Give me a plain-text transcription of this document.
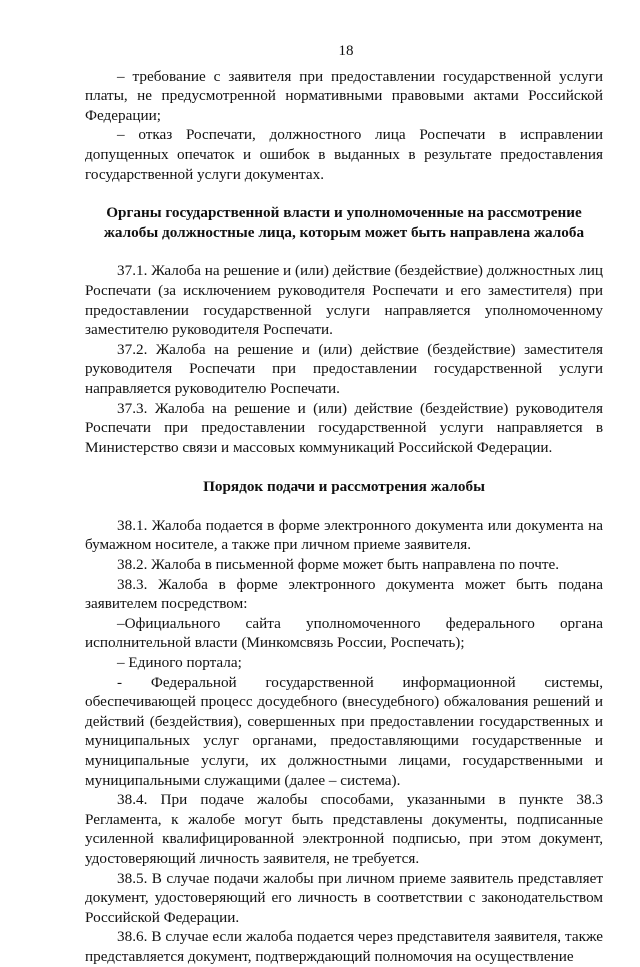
18

– требование с заявителя при предоставлении государственной услуги платы, не предусмотренной нормативными правовыми актами Российской Федерации;

– отказ Роспечати, должностного лица Роспечати в исправлении допущенных опечаток и ошибок в выданных в результате предоставления государственной услуги документах.

Органы государственной власти и уполномоченные на рассмотрение жалобы должностные лица, которым может быть направлена жалоба

37.1. Жалоба на решение и (или) действие (бездействие) должностных лиц Роспечати (за исключением руководителя Роспечати и его заместителя) при предоставлении государственной услуги направляется уполномоченному заместителю руководителя Роспечати.

37.2. Жалоба на решение и (или) действие (бездействие) заместителя руководителя Роспечати при предоставлении государственной услуги направляется руководителю Роспечати.

37.3. Жалоба на решение и (или) действие (бездействие) руководителя Роспечати при предоставлении государственной услуги направляется в Министерство связи и массовых коммуникаций Российской Федерации.

Порядок подачи и рассмотрения жалобы

38.1. Жалоба подается в форме электронного документа или документа на бумажном носителе, а также при личном приеме заявителя.

38.2. Жалоба в письменной форме может быть направлена по почте.

38.3. Жалоба в форме электронного документа может быть подана заявителем посредством:

–Официального сайта уполномоченного федерального органа исполнительной власти (Минкомсвязь России, Роспечать);

– Единого портала;

- Федеральной государственной информационной системы, обеспечивающей процесс досудебного (внесудебного) обжалования решений и действий (бездействия), совершенных при предоставлении государственных и муниципальных услуг органами, предоставляющими государственные и муниципальные услуги, их должностными лицами, государственными и муниципальными служащими (далее – система).

38.4. При подаче жалобы способами, указанными в пункте 38.3 Регламента, к жалобе могут быть представлены документы, подписанные усиленной квалифицированной электронной подписью, при этом документ, удостоверяющий личность заявителя, не требуется.

38.5. В случае подачи жалобы при личном приеме заявитель представляет документ, удостоверяющий его личность в соответствии с законодательством Российской Федерации.

38.6. В случае если жалоба подается через представителя заявителя, также представляется документ, подтверждающий полномочия на осуществление
